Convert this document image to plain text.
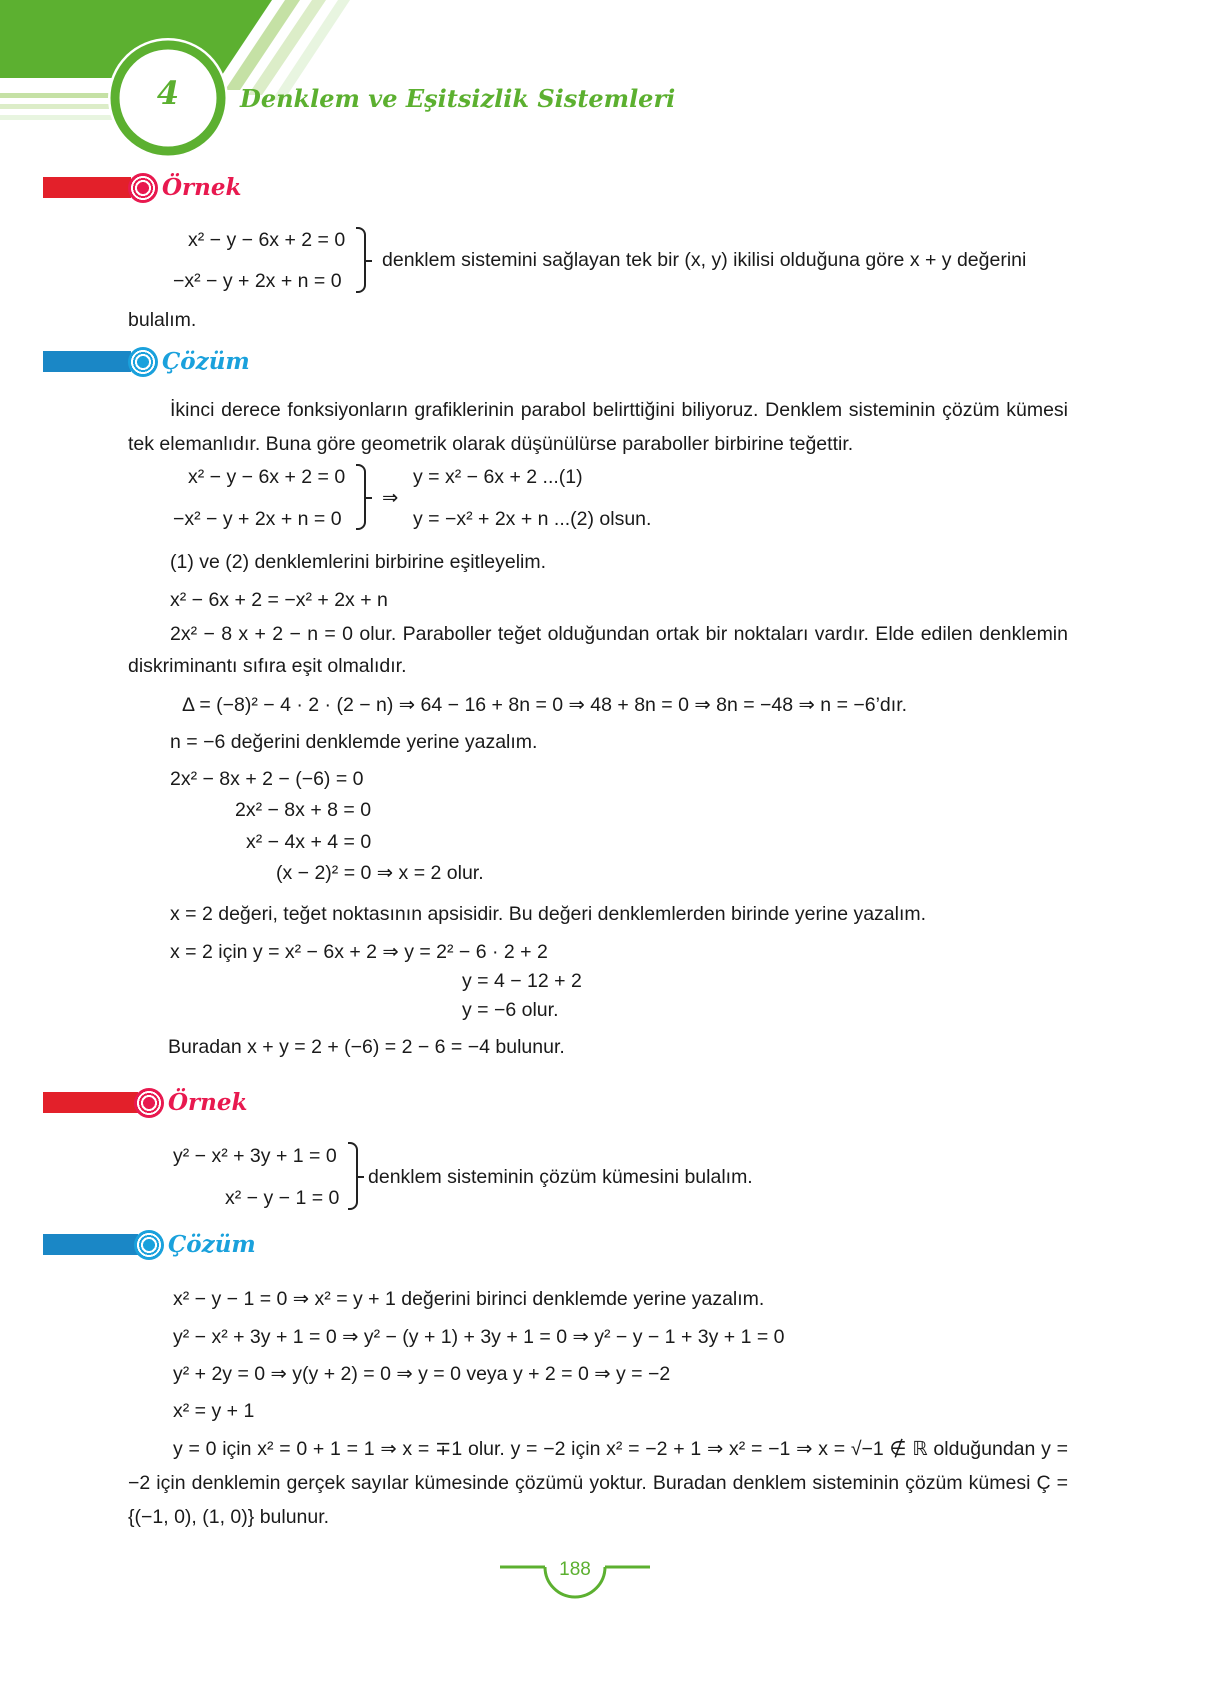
4	Denklem ve Eşitsizlik Sistemleri
Örnek
x² − y − 6x + 2 = 0
−x² − y + 2x + n = 0
denklem sistemini sağlayan tek bir (x, y) ikilisi olduğuna göre x + y değerini
bulalım.
Çözüm
İkinci derece fonksiyonların grafiklerinin parabol belirttiğini biliyoruz. Denklem sisteminin çözüm kümesi tek elemanlıdır. Buna göre geometrik olarak düşünülürse paraboller birbirine teğettir.
x² − y − 6x + 2 = 0
−x² − y + 2x + n = 0
⇒
y = x² − 6x + 2 ...(1)
y = −x² + 2x + n ...(2) olsun.
(1) ve (2) denklemlerini birbirine eşitleyelim.
x² − 6x + 2 = −x² + 2x + n
2x² − 8 x + 2 − n = 0 olur. Paraboller teğet olduğundan ortak bir noktaları vardır. Elde edilen denklemin diskriminantı sıfıra eşit olmalıdır.
Δ = (−8)² − 4 · 2 · (2 − n) ⇒ 64 − 16 + 8n = 0 ⇒ 48 + 8n = 0 ⇒ 8n = −48 ⇒ n = −6’dır.
n = −6 değerini denklemde yerine yazalım.
2x² − 8x + 2 − (−6) = 0
2x² − 8x + 8 = 0
x² − 4x + 4 = 0
(x − 2)² = 0 ⇒ x = 2 olur.
x = 2 değeri, teğet noktasının apsisidir. Bu değeri denklemlerden birinde yerine yazalım.
x = 2 için y = x² − 6x + 2 ⇒ y = 2² − 6 · 2 + 2
y = 4 − 12 + 2
y = −6 olur.
Buradan x + y = 2 + (−6) = 2 − 6 = −4 bulunur.
Örnek
y² − x² + 3y + 1 = 0
x² − y − 1 = 0
denklem sisteminin çözüm kümesini bulalım.
Çözüm
x² − y − 1 = 0 ⇒ x² = y + 1 değerini birinci denklemde yerine yazalım.
y² − x² + 3y + 1 = 0 ⇒ y² − (y + 1) + 3y + 1 = 0 ⇒ y² − y − 1 + 3y + 1 = 0
y² + 2y = 0 ⇒ y(y + 2) = 0 ⇒ y = 0 veya y + 2 = 0 ⇒ y = −2
x² = y + 1
y = 0 için x² = 0 + 1 = 1 ⇒ x = ∓1 olur. y = −2 için x² = −2 + 1 ⇒ x² = −1 ⇒ x = √−1 ∉ ℝ olduğundan y = −2 için denklemin gerçek sayılar kümesinde çözümü yoktur. Buradan denklem sisteminin çözüm kümesi Ç = {(−1, 0), (1, 0)} bulunur.
188
